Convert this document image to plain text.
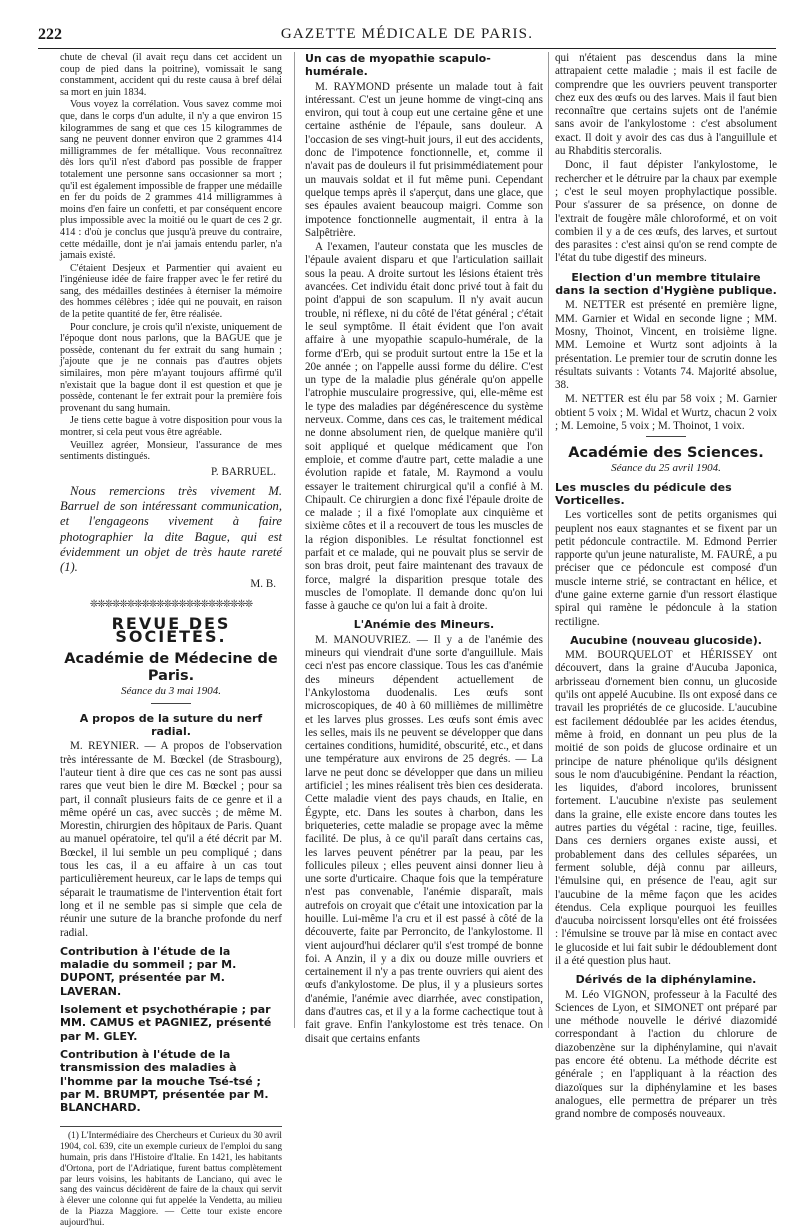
222	GAZETTE MÉDICALE DE PARIS.

chute de cheval (il avait reçu dans cet accident un coup de pied dans la poitrine), vomissait le sang constamment, accident qui du reste causa à bref délai sa mort en juin 1834.

Vous voyez la corrélation. Vous savez comme moi que, dans le corps d'un adulte, il n'y a que environ 15 kilogrammes de sang et que ces 15 kilogrammes de sang ne peuvent donner environ que 2 grammes 414 milligrammes de fer métallique. Vous reconnaîtrez dès lors qu'il n'est d'abord pas possible de frapper totalement une personne sans occasionner sa mort ; qu'il est également impossible de frapper une médaille en fer du poids de 2 grammes 414 milligrammes à moins d'en faire un confetti, et par conséquent encore plus impossible avec la moitié ou le quart de ces 2 gr. 414 : d'où je conclus que jusqu'à preuve du contraire, cette médaille, dont je n'ai jamais entendu parler, n'a jamais existé.

C'étaient Desjeux et Parmentier qui avaient eu l'ingénieuse idée de faire frapper avec le fer retiré du sang, des médailles destinées à éterniser la mémoire des hommes célèbres ; idée qui ne pouvait, en raison de la petite quantité de fer, être réalisée.

Pour conclure, je crois qu'il n'existe, uniquement de l'époque dont nous parlons, que la BAGUE que je possède, contenant du fer extrait du sang humain ; j'ajoute que je ne connais pas d'autres objets similaires, mon père m'ayant toujours affirmé qu'il n'existait que la bague dont il est question et que je possède, contenant le fer extrait pour la première fois provenant du sang humain.

Je tiens cette bague à votre disposition pour vous la montrer, si cela peut vous être agréable.

Veuillez agréer, Monsieur, l'assurance de mes sentiments distingués.

P. BARRUEL.

Nous remercions très vivement M. Barruel de son intéressant communication, et l'engageons vivement à faire photographier la dite Bague, qui est évidemment un objet de très haute rareté (1).

M. B.

❊❊❊❊❊❊❊❊❊❊❊❊❊❊❊❊❊❊❊❊❊❊
REVUE DES SOCIÉTÉS.
Académie de Médecine de Paris.
Séance du 3 mai 1904.
A propos de la suture du nerf radial.

M. REYNIER. — A propos de l'observation très intéressante de M. Bœckel (de Strasbourg), l'auteur tient à dire que ces cas ne sont pas aussi rares que veut bien le dire M. Bœckel ; pour sa part, il connaît plusieurs faits de ce genre et il a même opéré un cas, avec succès ; de même M. Morestin, chirurgien des hôpitaux de Paris. Quant au manuel opératoire, tel qu'il a été décrit par M. Bœckel, il lui semble un peu compliqué ; dans tous les cas, il a eu affaire à un cas tout particulièrement heureux, car le laps de temps qui séparait le traumatisme de l'intervention était fort long et il ne semble pas si simple que cela de réunir une suture de la branche profonde du nerf radial.

Contribution à l'étude de la maladie du sommeil ; par M. DUPONT, présentée par M. LAVERAN.
Isolement et psychothérapie ; par MM. CAMUS et PAGNIEZ, présenté par M. GLEY.
Contribution à l'étude de la transmission des maladies à l'homme par la mouche Tsé-tsé ; par M. BRUMPT, présentée par M. BLANCHARD.

(1) L'Intermédiaire des Chercheurs et Curieux du 30 avril 1904, col. 639, cite un exemple curieux de l'emploi du sang humain, pris dans l'Histoire d'Italie. En 1421, les habitants d'Ortona, port de l'Adriatique, furent battus complètement par leurs voisins, les habitants de Lanciano, qui avec le sang des vaincus décidèrent de faire de la chaux qui servit à élever une colonne qui fut appelée la Vendetta, au milieu de la Piazza Maggiore. — Cette tour existe encore aujourd'hui.

Un cas de myopathie scapulo-humérale.

M. RAYMOND présente un malade tout à fait intéressant. C'est un jeune homme de vingt-cinq ans environ, qui tout à coup eut une certaine gêne et une certaine asthénie de l'épaule, sans douleur. A l'occasion de ses vingt-huit jours, il eut des accidents, donc de l'impotence fonctionnelle, et, comme il n'avait pas de douleurs il fut prisimmédiatement pour un mauvais soldat et il fut même puni. Cependant quelque temps après il s'aperçut, dans une glace, que ses épaules avaient beaucoup maigri. Comme son impotence fonctionnelle augmentait, il entra à la Salpêtrière.

A l'examen, l'auteur constata que les muscles de l'épaule avaient disparu et que l'articulation saillait sous la peau. A droite surtout les lésions étaient très avancées. Cet individu était donc privé tout à fait du point d'appui de son scapulum. Il n'y avait aucun trouble, ni réflexe, ni du côté de l'état général ; c'était le seul symptôme. Il était évident que l'on avait affaire à une myopathie scapulo-humérale, de la forme d'Erb, qui se produit surtout entre la 15e et la 20e année ; on l'appelle aussi forme du délire. C'est un type de la maladie plus générale qu'on appelle l'atrophie musculaire progressive, qui, elle-même est le type des maladies par dégénérescence du système nerveux. Comme, dans ces cas, le traitement médical ne donne absolument rien, de quelque manière qu'il soit appliqué et quelque médicament que l'on emploie, et comme d'autre part, cette maladie a une évolution rapide et fatale, M. Raymond a voulu essayer le traitement chirurgical qu'il a confié à M. Chipault. Ce chirurgien a donc fixé l'épaule droite de ce malade ; il a fixé l'omoplate aux cinquième et sixième côtes et il a recouvert de tous les muscles de la région disponibles. Le résultat fonctionnel est parfait et ce malade, qui ne pouvait plus se servir de son bras droit, peut faire maintenant des travaux de force, malgré la disparition presque totale des muscles de l'omoplate. Il demande donc qu'on lui fasse à gauche ce qu'on lui a fait à droite.

L'Anémie des Mineurs.

M. MANOUVRIEZ. — Il y a de l'anémie des mineurs qui viendrait d'une sorte d'anguillule. Mais ceci n'est pas encore classique. Tous les cas d'anémie des mineurs dépendent actuellement de l'Ankylostoma duodenalis. Les œufs sont microscopiques, de 40 à 60 millièmes de millimètre et les larves plus grosses. Les œufs sont émis avec les selles, mais ils ne peuvent se développer que dans certaines conditions, humidité, obscurité, etc., et dans une température aux environs de 25 degrés. — La larve ne peut donc se développer que dans un milieu artificiel ; les mines réalisent très bien ces desiderata. Cette maladie vient des pays chauds, en Italie, en Égypte, etc. Dans les soutes à charbon, dans les briqueteries, cette maladie se propage avec la même facilité. De plus, à ce qu'il paraît dans certains cas, les larves peuvent pénétrer par la peau, par les follicules pileux ; elles peuvent ainsi donner lieu à une sorte d'urticaire. Chaque fois que la température n'est pas convenable, l'anémie disparaît, mais autrefois on croyait que c'était une intoxication par la houille. Lui-même l'a cru et il est passé à côté de la découverte, faite par Perroncito, de l'ankylostome. Il vient aujourd'hui déclarer qu'il s'est trompé de bonne foi. A Anzin, il y a dix ou douze mille ouvriers et certainement il n'y a pas trente ouvriers qui aient des œufs d'ankylostome. De plus, il y a plusieurs sortes d'anémie, l'anémie avec diarrhée, avec constipation, dans d'autres cas, et il y a la forme cachectique tout à fait grave. Enfin l'ankylostome est très tenace. On disait que certains enfants

qui n'étaient pas descendus dans la mine attrapaient cette maladie ; mais il est facile de comprendre que les ouvriers peuvent transporter chez eux des œufs ou des larves. Mais il faut bien reconnaître que certains sujets ont de l'anémie sans avoir de l'ankylostome : c'est absolument exact. Il doit y avoir des cas dus à l'anguillule et au Rhabditis stercoralis.

Donc, il faut dépister l'ankylostome, le rechercher et le détruire par la chaux par exemple ; c'est le seul moyen prophylactique possible. Pour s'assurer de sa présence, on donne de l'extrait de fougère mâle chloroformé, et on voit combien il y a de ces œufs, des larves, et surtout des parasites : c'est ainsi qu'on se rend compte de l'état du tube digestif des mineurs.

Election d'un membre titulaire dans la section d'Hygiène publique.

M. NETTER est présenté en première ligne, MM. Garnier et Widal en seconde ligne ; MM. Mosny, Thoinot, Vincent, en troisième ligne. MM. Lemoine et Wurtz sont adjoints à la présentation. Le premier tour de scrutin donne les résultats suivants : Votants 74. Majorité absolue, 38.

M. NETTER est élu par 58 voix ; M. Garnier obtient 5 voix ; M. Widal et Wurtz, chacun 2 voix ; M. Lemoine, 5 voix ; M. Thoinot, 1 voix.

Académie des Sciences.
Séance du 25 avril 1904.
Les muscles du pédicule des Vorticelles.

Les vorticelles sont de petits organismes qui peuplent nos eaux stagnantes et se fixent par un petit pédoncule contractile. M. Edmond Perrier rapporte qu'un jeune naturaliste, M. FAURÉ, a pu préciser que ce pédoncule est composé d'un muscle interne strié, se contractant en hélice, et d'une gaine externe garnie d'un ressort élastique spiral qui ramène le pédoncule à la station rectiligne.

Aucubine (nouveau glucoside).

MM. BOURQUELOT et HÉRISSEY ont découvert, dans la graine d'Aucuba Japonica, arbrisseau d'ornement bien connu, un glucoside qu'ils ont appelé Aucubine. Ils ont exposé dans ce travail les propriétés de ce glucoside. L'aucubine est facilement dédoublée par les acides étendus, même à froid, en donnant un peu plus de la moitié de son poids de glucose ordinaire et un principe de nature phénolique qu'ils désignent sous le nom d'aucubigénine. Pendant la réaction, les liquides, d'abord incolores, brunissent fortement. L'aucubine n'existe pas seulement dans la graine, elle existe encore dans toutes les autres parties du végétal : racine, tige, feuilles. Dans ces derniers organes existe aussi, et probablement dans des cellules séparées, un ferment soluble, déjà connu par ailleurs, l'émulsine qui, en présence de l'eau, agit sur l'aucubine de la même façon que les acides étendus. Cela explique pourquoi les feuilles d'aucuba noircissent lorsqu'elles ont été froissées : l'émulsine se trouve par là mise en contact avec le glucoside et lui fait subir le dédoublement dont il a été question plus haut.

Dérivés de la diphénylamine.

M. Léo VIGNON, professeur à la Faculté des Sciences de Lyon, et SIMONET ont préparé par une méthode nouvelle le dérivé diazomidé correspondant à l'action du chlorure de diazobenzène sur la diphénylamine, qui n'avait pas encore été obtenu. La méthode décrite est générale ; en l'appliquant à la réaction des diazoïques sur la diphénylamine et les bases analogues, elle permettra de préparer un très grand nombre de composés nouveaux.
